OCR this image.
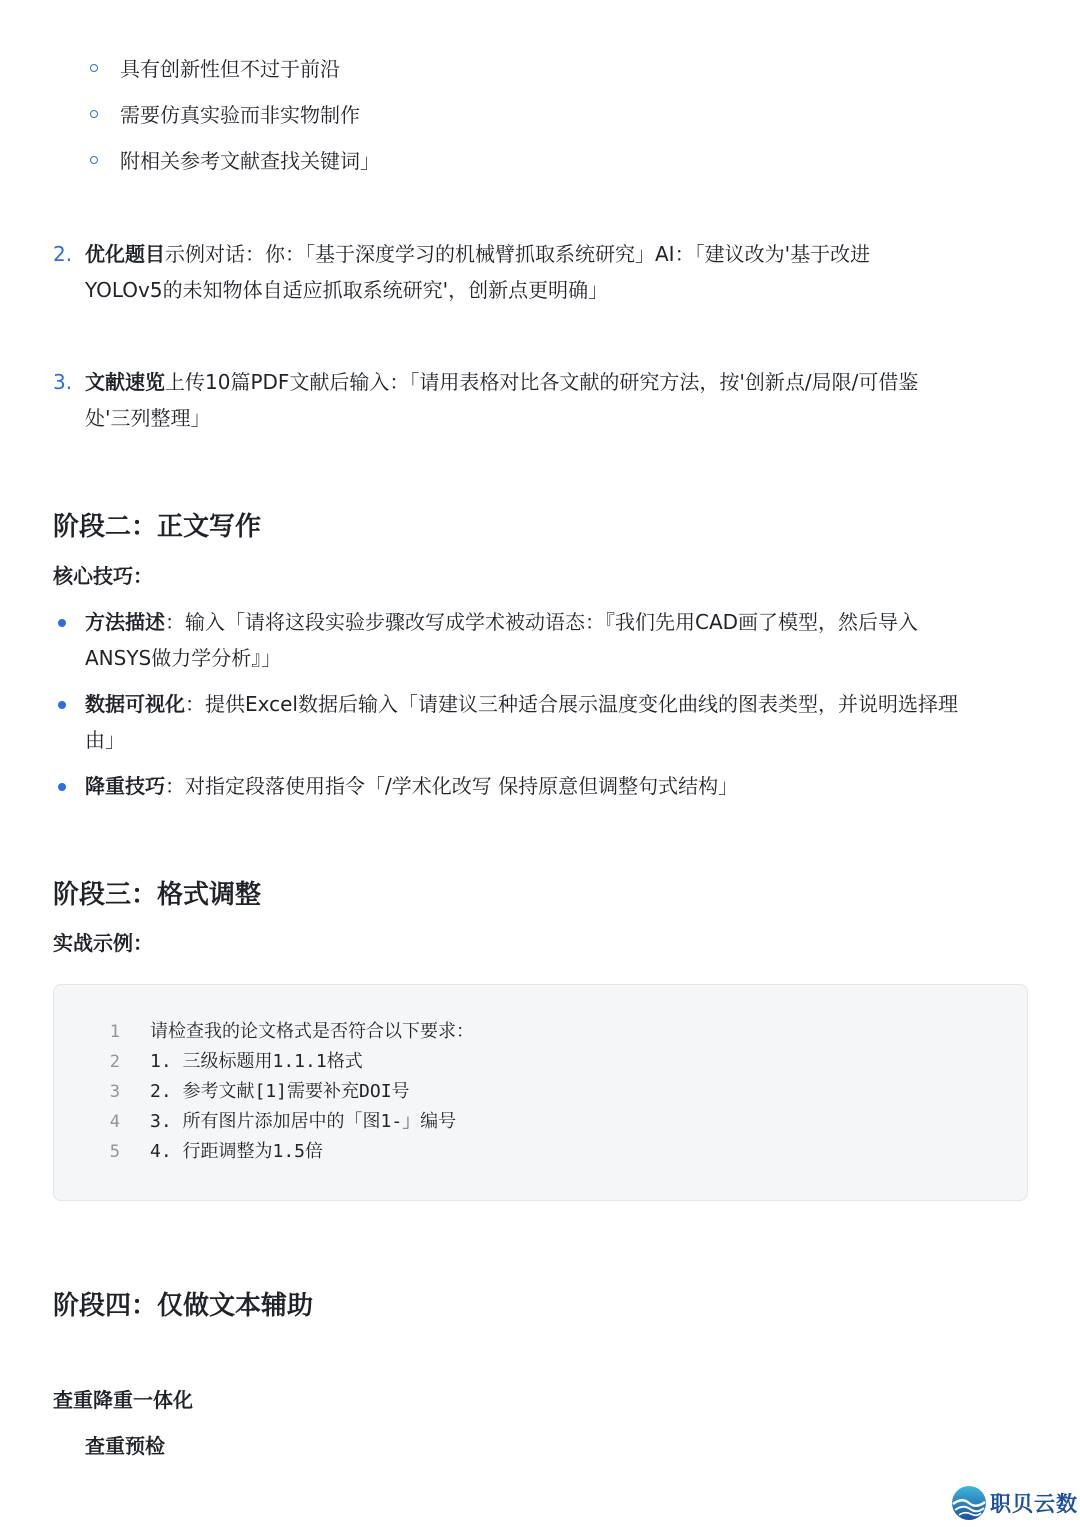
具有创新性但不过于前沿
需要仿真实验而非实物制作
附相关参考文献查找关键词」
2. 优化题目示例对话：你：「基于深度学习的机械臂抓取系统研究」AI：「建议改为'基于改进
YOLOv5的未知物体自适应抓取系统研究'，创新点更明确」
3. 文献速览上传10篇PDF文献后输入：「请用表格对比各文献的研究方法，按'创新点/局限/可借鉴
处'三列整理」
阶段二：正文写作
核心技巧：
方法描述：输入「请将这段实验步骤改写成学术被动语态：『我们先用CAD画了模型，然后导入
ANSYS做力学分析』」
数据可视化：提供Excel数据后输入「请建议三种适合展示温度变化曲线的图表类型，并说明选择理
由」
降重技巧：对指定段落使用指令「/学术化改写 保持原意但调整句式结构」
阶段三：格式调整
实战示例：
1 请检查我的论文格式是否符合以下要求：
2 1. 三级标题用1.1.1格式
3 2. 参考文献[1]需要补充DOI号
4 3. 所有图片添加居中的「图1-」编号
5 4. 行距调整为1.5倍
阶段四：仅做文本辅助
查重降重一体化
查重预检
职贝云数
